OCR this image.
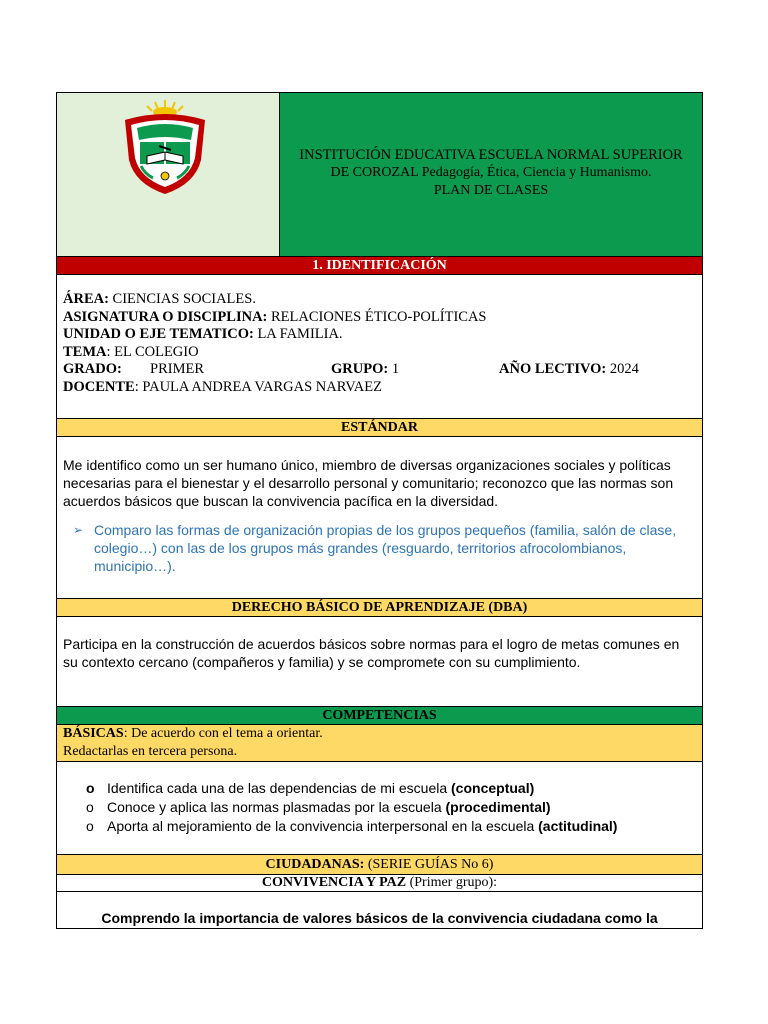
INSTITUCIÓN EDUCATIVA ESCUELA NORMAL SUPERIOR
DE COROZAL Pedagogía, Ética, Ciencia y Humanismo.
PLAN DE CLASES
1. IDENTIFICACIÓN

ÁREA: CIENCIAS SOCIALES.

ASIGNATURA O DISCIPLINA: RELACIONES ÉTICO-POLÍTICAS

UNIDAD O EJE TEMATICO: LA FAMILIA.

TEMA: EL COLEGIO

GRADO: PRIMER	GRUPO: 1	AÑO LECTIVO: 2024

DOCENTE: PAULA ANDREA VARGAS NARVAEZ

ESTÁNDAR
Me identifico como un ser humano único, miembro de diversas organizaciones sociales y políticas necesarias para el bienestar y el desarrollo personal y comunitario; reconozco que las normas son acuerdos básicos que buscan la convivencia pacífica en la diversidad.
➢ Comparo las formas de organización propias de los grupos pequeños (familia, salón de clase, colegio…) con las de los grupos más grandes (resguardo, territorios afrocolombianos, municipio…).
DERECHO BÁSICO DE APRENDIZAJE (DBA)
Participa en la construcción de acuerdos básicos sobre normas para el logro de metas comunes en su contexto cercano (compañeros y familia) y se compromete con su cumplimiento.
COMPETENCIAS
BÁSICAS: De acuerdo con el tema a orientar.
Redactarlas en tercera persona.
o Identifica cada una de las dependencias de mi escuela (conceptual)
o Conoce y aplica las normas plasmadas por la escuela (procedimental)
o Aporta al mejoramiento de la convivencia interpersonal en la escuela (actitudinal)
CIUDADANAS: (SERIE GUÍAS No 6)
CONVIVENCIA Y PAZ (Primer grupo):
Comprendo la importancia de valores básicos de la convivencia ciudadana como la
